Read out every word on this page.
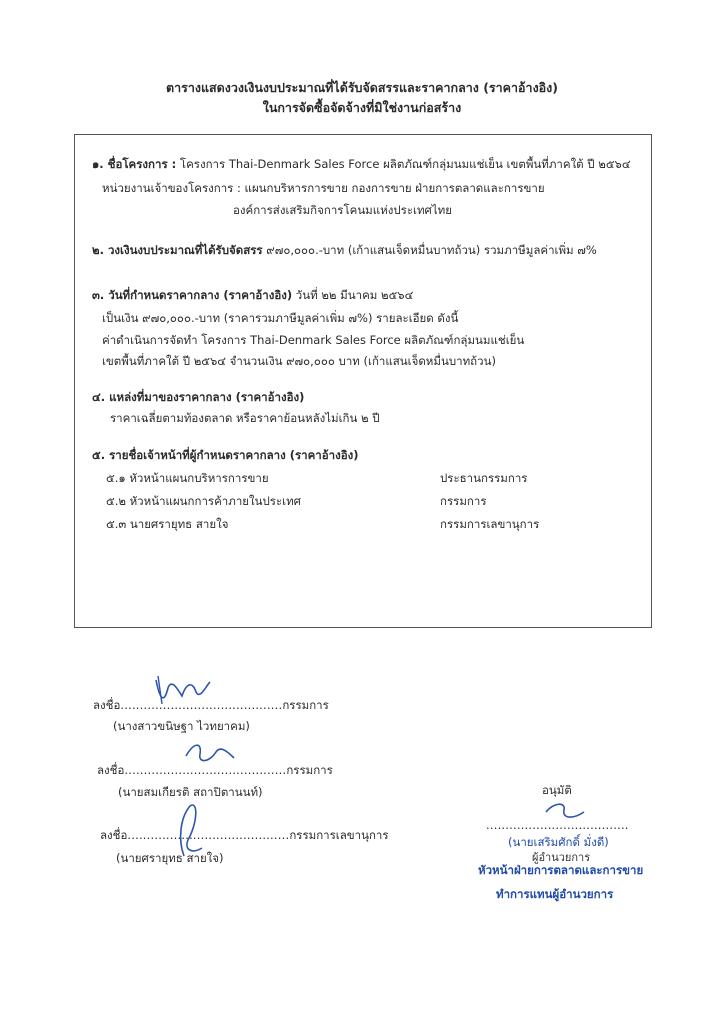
ตารางแสดงวงเงินงบประมาณที่ได้รับจัดสรรและราคากลาง (ราคาอ้างอิง)
ในการจัดซื้อจัดจ้างที่มิใช่งานก่อสร้าง
๑. ชื่อโครงการ : โครงการ Thai-Denmark Sales Force ผลิตภัณฑ์กลุ่มนมแช่เย็น เขตพื้นที่ภาคใต้ ปี ๒๕๖๔
หน่วยงานเจ้าของโครงการ : แผนกบริหารการขาย กองการขาย ฝ่ายการตลาดและการขาย
องค์การส่งเสริมกิจการโคนมแห่งประเทศไทย
๒. วงเงินงบประมาณที่ได้รับจัดสรร ๙๗๐,๐๐๐.-บาท (เก้าแสนเจ็ดหมื่นบาทถ้วน) รวมภาษีมูลค่าเพิ่ม ๗%
๓. วันที่กำหนดราคากลาง (ราคาอ้างอิง) วันที่ ๒๒ มีนาคม ๒๕๖๔
เป็นเงิน ๙๗๐,๐๐๐.-บาท (ราคารวมภาษีมูลค่าเพิ่ม ๗%) รายละเอียด ดังนี้
ค่าดำเนินการจัดทำ โครงการ Thai-Denmark Sales Force ผลิตภัณฑ์กลุ่มนมแช่เย็น
เขตพื้นที่ภาคใต้ ปี ๒๕๖๔ จำนวนเงิน ๙๗๐,๐๐๐ บาท (เก้าแสนเจ็ดหมื่นบาทถ้วน)
๔. แหล่งที่มาของราคากลาง (ราคาอ้างอิง)
ราคาเฉลี่ยตามท้องตลาด หรือราคาย้อนหลังไม่เกิน ๒ ปี
๕. รายชื่อเจ้าหน้าที่ผู้กำหนดราคากลาง (ราคาอ้างอิง)
๕.๑ หัวหน้าแผนกบริหารการขาย	ประธานกรรมการ
๕.๒ หัวหน้าแผนกการค้าภายในประเทศ	กรรมการ
๕.๓ นายศรายุทธ สายใจ	กรรมการเลขานุการ
ลงชื่อ..........................................กรรมการ
(นางสาวขนิษฐา ไวทยาคม)
ลงชื่อ..........................................กรรมการ
(นายสมเกียรติ สถาปิตานนท์)
ลงชื่อ..........................................กรรมการเลขานุการ
(นายศรายุทธ สายใจ)
อนุมัติ
.....................................
(นายเสริมศักดิ์ มั่งดี)
ผู้อำนวยการ
หัวหน้าฝ่ายการตลาดและการขาย
ทำการแทนผู้อำนวยการ
